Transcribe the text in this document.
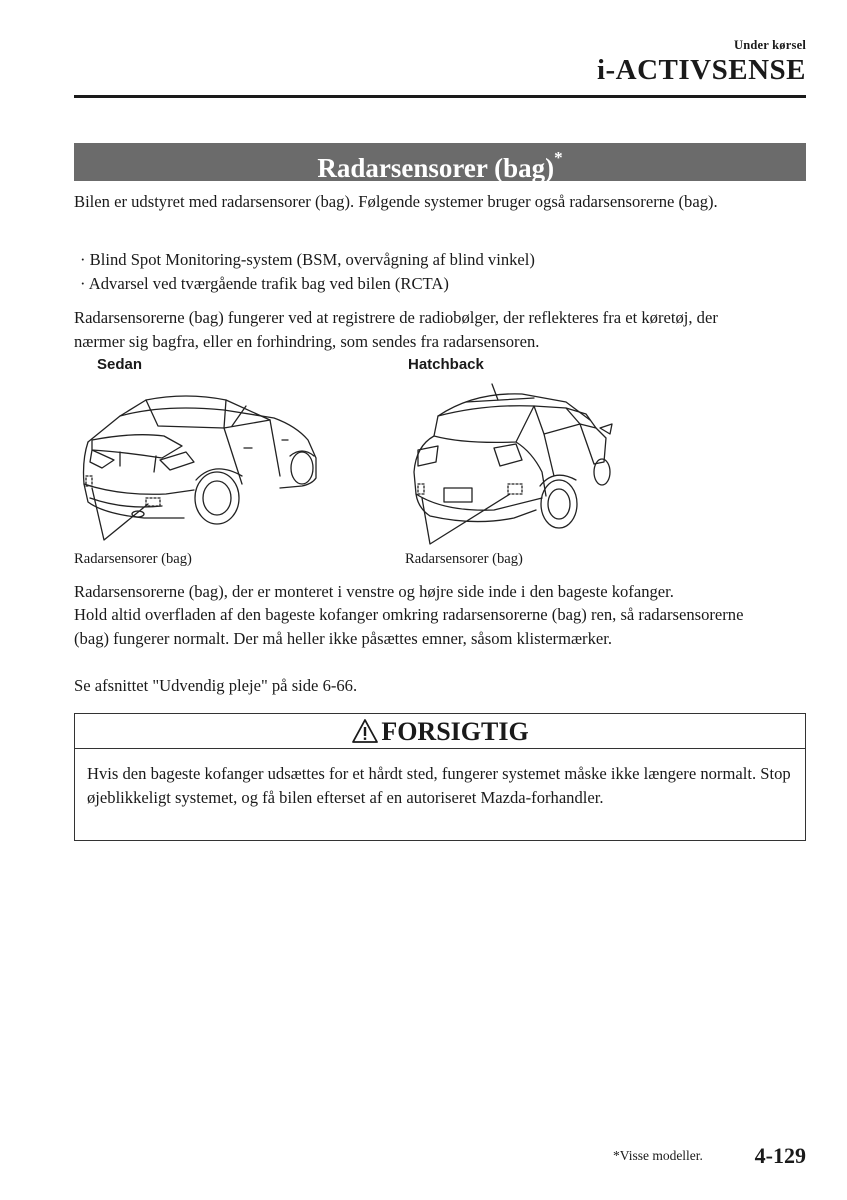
Under kørsel
i-ACTIVSENSE
Radarsensorer (bag)*
Bilen er udstyret med radarsensorer (bag). Følgende systemer bruger også radarsensorerne (bag).
· Blind Spot Monitoring-system (BSM, overvågning af blind vinkel)
· Advarsel ved tværgående trafik bag ved bilen (RCTA)
Radarsensorerne (bag) fungerer ved at registrere de radiobølger, der reflekteres fra et køretøj, der nærmer sig bagfra, eller en forhindring, som sendes fra radarsensoren.
Sedan
Radarsensorer (bag)
Hatchback
Radarsensorer (bag)
Radarsensorerne (bag), der er monteret i venstre og højre side inde i den bageste kofanger.
Hold altid overfladen af den bageste kofanger omkring radarsensorerne (bag) ren, så radarsensorerne (bag) fungerer normalt. Der må heller ikke påsættes emner, såsom klistermærker.
Se afsnittet "Udvendig pleje" på side 6-66.
FORSIGTIG
Hvis den bageste kofanger udsættes for et hårdt sted, fungerer systemet måske ikke længere normalt. Stop øjeblikkeligt systemet, og få bilen efterset af en autoriseret Mazda-forhandler.
*Visse modeller. 4-129
